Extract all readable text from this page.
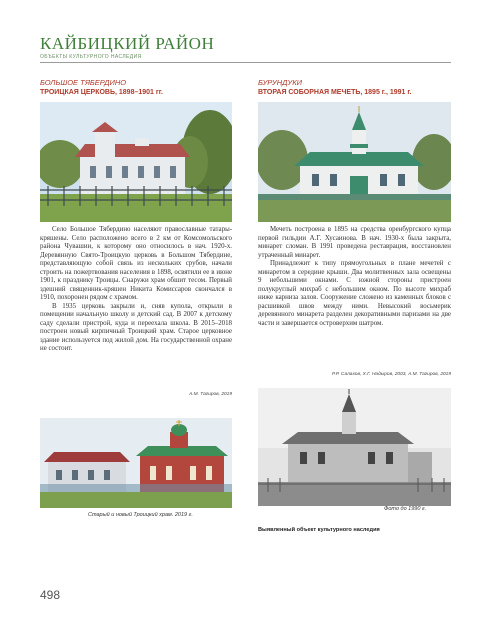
КАЙБИЦКИЙ РАЙОН
ОБЪЕКТЫ КУЛЬТУРНОГО НАСЛЕДИЯ
БОЛЬШОЕ ТЯБЕРДИНО
ТРОИЦКАЯ ЦЕРКОВЬ, 1898–1901 гг.

Село Большое Тябердино населяют православные татары-кряшены. Село расположено всего в 2 км от Комсомольского района Чувашии, к которому оно относилось в нач. 1920-х. Деревянную Свято-Троицкую церковь в Большом Тябердине, представляющую собой связь из нескольких срубов, начали строить на пожертвования населения в 1898, освятили ее в июне 1901, к празднику Троицы. Снаружи храм обшит тесом. Первый здешний священник-кряшен Никита Комиссаров скончался в 1910, похоронен рядом с храмом.

В 1935 церковь закрыли и, сняв купола, открыли в помещении начальную школу и детский сад. В 2007 к детскому саду сделали пристрой, куда и переехала школа. В 2015–2018 построен новый кирпичный Троицкий храм. Старое церковное здание используется под жилой дом. На государственной охране не состоит.

А.М. Тагиров, 2019
Старый и новый Троицкий храм. 2019 г.
БУРУНДУКИ
ВТОРАЯ СОБОРНАЯ МЕЧЕТЬ, 1895 г., 1991 г.

Мечеть построена в 1895 на средства оренбургского купца первой гильдии А.Г. Хусаинова. В нач. 1930-х была закрыта, минарет сломан. В 1991 проведена реставрация, восстановлен утраченный минарет.

Принадлежит к типу прямоугольных в плане мечетей с минаретом в середине крыши. Два молитвенных зала освещены 9 небольшими окнами. С южной стороны пристроен полукруглый михраб с небольшим окном. По высоте михраб ниже карниза залов. Сооружение сложено из каменных блоков с расшивкой швов между ними. Невысокий восьмерик деревянного минарета разделен декоративными паризами на две части и завершается островерхим шатром.

Р.Р. Салахов, Х.Г. Надыров, 2003, А.М. Тагиров, 2019
Фото до 1990 г.
Выявленный объект культурного наследия
498
